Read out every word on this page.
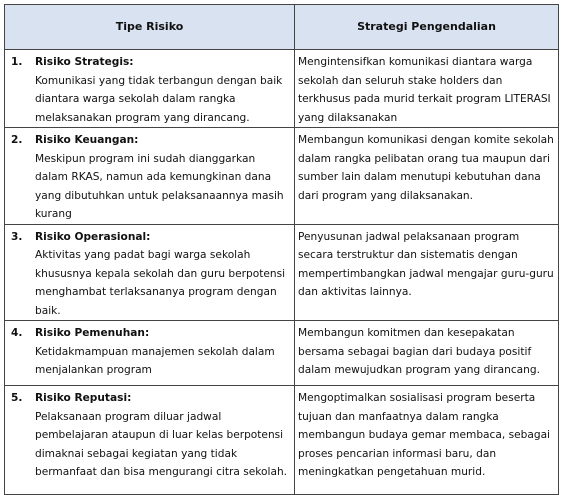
Tipe Risiko	Strategi Pengendalian

1. Risiko Strategis:
Komunikasi yang tidak terbangun dengan baik diantara warga sekolah dalam rangka melaksanakan program yang dirancang.	Mengintensifkan komunikasi diantara warga sekolah dan seluruh stake holders dan terkhusus pada murid terkait program LITERASI yang dilaksanakan

2. Risiko Keuangan:
Meskipun program ini sudah dianggarkan dalam RKAS, namun ada kemungkinan dana yang dibutuhkan untuk pelaksanaannya masih kurang	Membangun komunikasi dengan komite sekolah dalam rangka pelibatan orang tua maupun dari sumber lain dalam menutupi kebutuhan dana dari program yang dilaksanakan.

3. Risiko Operasional:
Aktivitas yang padat bagi warga sekolah khususnya kepala sekolah dan guru berpotensi menghambat terlaksananya program dengan baik.	Penyusunan jadwal pelaksanaan program secara terstruktur dan sistematis dengan mempertimbangkan jadwal mengajar guru-guru dan aktivitas lainnya.

4. Risiko Pemenuhan:
Ketidakmampuan manajemen sekolah dalam menjalankan program	Membangun komitmen dan kesepakatan bersama sebagai bagian dari budaya positif dalam mewujudkan program yang dirancang.

5. Risiko Reputasi:
Pelaksanaan program diluar jadwal pembelajaran ataupun di luar kelas berpotensi dimaknai sebagai kegiatan yang tidak bermanfaat dan bisa mengurangi citra sekolah.	Mengoptimalkan sosialisasi program beserta tujuan dan manfaatnya dalam rangka membangun budaya gemar membaca, sebagai proses pencarian informasi baru, dan meningkatkan pengetahuan murid.
